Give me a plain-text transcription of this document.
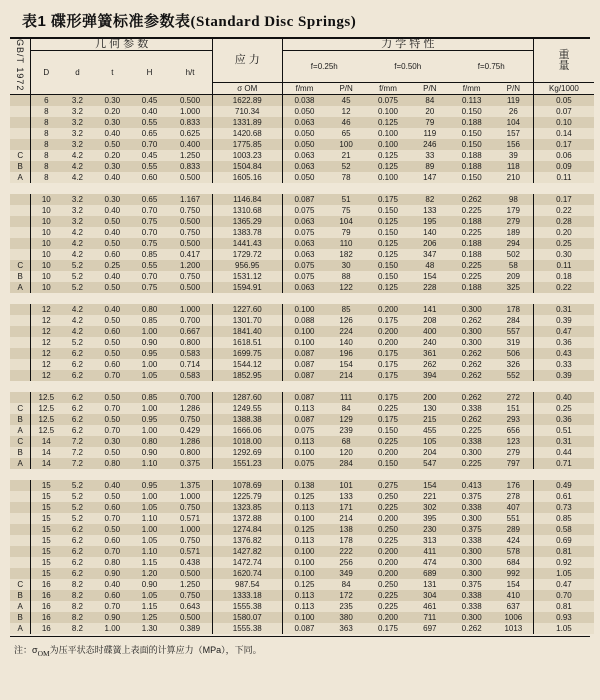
表1 碟形弹簧标准参数表(Standard Disc Springs)
GB/T 1972	几 何 参 数					应 力	力 学 特 性						重
量

	D	d	t	H	h/t		f=0.25h		f=0.50h		f=0.75h		
						σ OM	f/mm	P/N	f/mm	P/N	f/mm	P/N	Kg/1000
	6	3.2	0.30	0.45	0.500	1622.89	0.038	45	0.075	84	0.113	119	0.05
	8	3.2	0.20	0.40	1.000	710.34	0.050	12	0.100	20	0.150	26	0.07
	8	3.2	0.30	0.55	0.833	1331.89	0.063	46	0.125	79	0.188	104	0.10
	8	3.2	0.40	0.65	0.625	1420.68	0.050	65	0.100	119	0.150	157	0.14
	8	3.2	0.50	0.70	0.400	1775.85	0.050	100	0.100	246	0.150	156	0.17
C	8	4.2	0.20	0.45	1.250	1003.23	0.063	21	0.125	33	0.188	39	0.06
B	8	4.2	0.30	0.55	0.833	1504.84	0.063	52	0.125	89	0.188	118	0.09
A	8	4.2	0.40	0.60	0.500	1605.16	0.050	78	0.100	147	0.150	210	0.11

	10	3.2	0.30	0.65	1.167	1146.84	0.087	51	0.175	82	0.262	98	0.17
	10	3.2	0.40	0.70	0.750	1310.68	0.075	75	0.150	133	0.225	179	0.22
	10	3.2	0.50	0.75	0.500	1365.29	0.063	104	0.125	195	0.188	279	0.28
	10	4.2	0.40	0.70	0.750	1383.78	0.075	79	0.150	140	0.225	189	0.20
	10	4.2	0.50	0.75	0.500	1441.43	0.063	110	0.125	206	0.188	294	0.25
	10	4.2	0.60	0.85	0.417	1729.72	0.063	182	0.125	347	0.188	502	0.30
C	10	5.2	0.25	0.55	1.200	956.95	0.075	30	0.150	48	0.225	58	0.11
B	10	5.2	0.40	0.70	0.750	1531.12	0.075	88	0.150	154	0.225	209	0.18
A	10	5.2	0.50	0.75	0.500	1594.91	0.063	122	0.125	228	0.188	325	0.22

	12	4.2	0.40	0.80	1.000	1227.60	0.100	85	0.200	141	0.300	178	0.31
	12	4.2	0.50	0.85	0.700	1301.70	0.088	126	0.175	208	0.262	284	0.39
	12	4.2	0.60	1.00	0.667	1841.40	0.100	224	0.200	400	0.300	557	0.47
	12	5.2	0.50	0.90	0.800	1618.51	0.100	140	0.200	240	0.300	319	0.36
	12	6.2	0.50	0.95	0.583	1699.75	0.087	196	0.175	361	0.262	506	0.43
	12	6.2	0.60	1.00	0.714	1544.12	0.087	154	0.175	262	0.262	326	0.33
	12	6.2	0.70	1.05	0.583	1852.95	0.087	214	0.175	394	0.262	552	0.39

	12.5	6.2	0.50	0.85	0.700	1287.60	0.087	111	0.175	200	0.262	272	0.40
C	12.5	6.2	0.70	1.00	1.286	1249.55	0.113	84	0.225	130	0.338	151	0.25
B	12.5	6.2	0.50	0.95	0.750	1388.38	0.087	129	0.175	215	0.262	293	0.36
A	12.5	6.2	0.70	1.00	0.429	1666.06	0.075	239	0.150	455	0.225	656	0.51
C	14	7.2	0.30	0.80	1.286	1018.00	0.113	68	0.225	105	0.338	123	0.31
B	14	7.2	0.50	0.90	0.800	1292.69	0.100	120	0.200	204	0.300	279	0.44
A	14	7.2	0.80	1.10	0.375	1551.23	0.075	284	0.150	547	0.225	797	0.71

	15	5.2	0.40	0.95	1.375	1078.69	0.138	101	0.275	154	0.413	176	0.49
	15	5.2	0.50	1.00	1.000	1225.79	0.125	133	0.250	221	0.375	278	0.61
	15	5.2	0.60	1.05	0.750	1323.85	0.113	171	0.225	302	0.338	407	0.73
	15	5.2	0.70	1.10	0.571	1372.88	0.100	214	0.200	395	0.300	551	0.85
	15	6.2	0.50	1.00	1.000	1274.84	0.125	138	0.250	230	0.375	289	0.58
	15	6.2	0.60	1.05	0.750	1376.82	0.113	178	0.225	313	0.338	424	0.69
	15	6.2	0.70	1.10	0.571	1427.82	0.100	222	0.200	411	0.300	578	0.81
	15	6.2	0.80	1.15	0.438	1472.74	0.100	256	0.200	474	0.300	684	0.92
	15	6.2	0.90	1.20	0.500	1620.74	0.100	349	0.200	689	0.300	992	1.05
C	16	8.2	0.40	0.90	1.250	987.54	0.125	84	0.250	131	0.375	154	0.47
B	16	8.2	0.60	1.05	0.750	1333.18	0.113	172	0.225	304	0.338	410	0.70
A	16	8.2	0.70	1.15	0.643	1555.38	0.113	235	0.225	461	0.338	637	0.81
B	16	8.2	0.90	1.25	0.500	1580.07	0.100	380	0.200	711	0.300	1006	0.93
A	16	8.2	1.00	1.30	0.389	1555.38	0.087	363	0.175	697	0.262	1013	1.05
注：$\sigma_{OM}$为压平状态时碟簧上表面的计算应力（MPa），下同。
